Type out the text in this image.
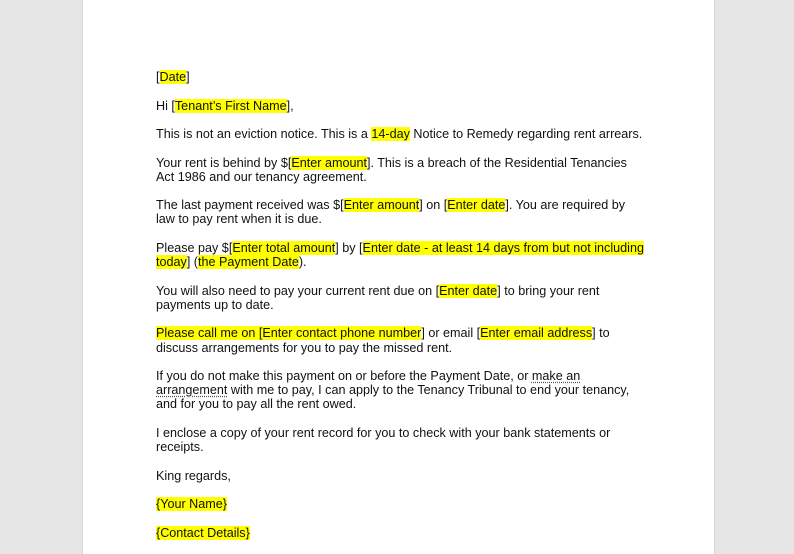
[Date]
Hi [Tenant’s First Name],
This is not an eviction notice. This is a 14-day Notice to Remedy regarding rent arrears.
Your rent is behind by $[Enter amount]. This is a breach of the Residential Tenancies
Act 1986 and our tenancy agreement.
The last payment received was $[Enter amount] on [Enter date]. You are required by
law to pay rent when it is due.
Please pay $[Enter total amount] by [Enter date - at least 14 days from but not including
today] (the Payment Date).
You will also need to pay your current rent due on [Enter date] to bring your rent
payments up to date.
Please call me on [Enter contact phone number] or email [Enter email address] to
discuss arrangements for you to pay the missed rent.
If you do not make this payment on or before the Payment Date, or make an
arrangement with me to pay, I can apply to the Tenancy Tribunal to end your tenancy,
and for you to pay all the rent owed.
I enclose a copy of your rent record for you to check with your bank statements or
receipts.
King regards,
{Your Name}
{Contact Details}
